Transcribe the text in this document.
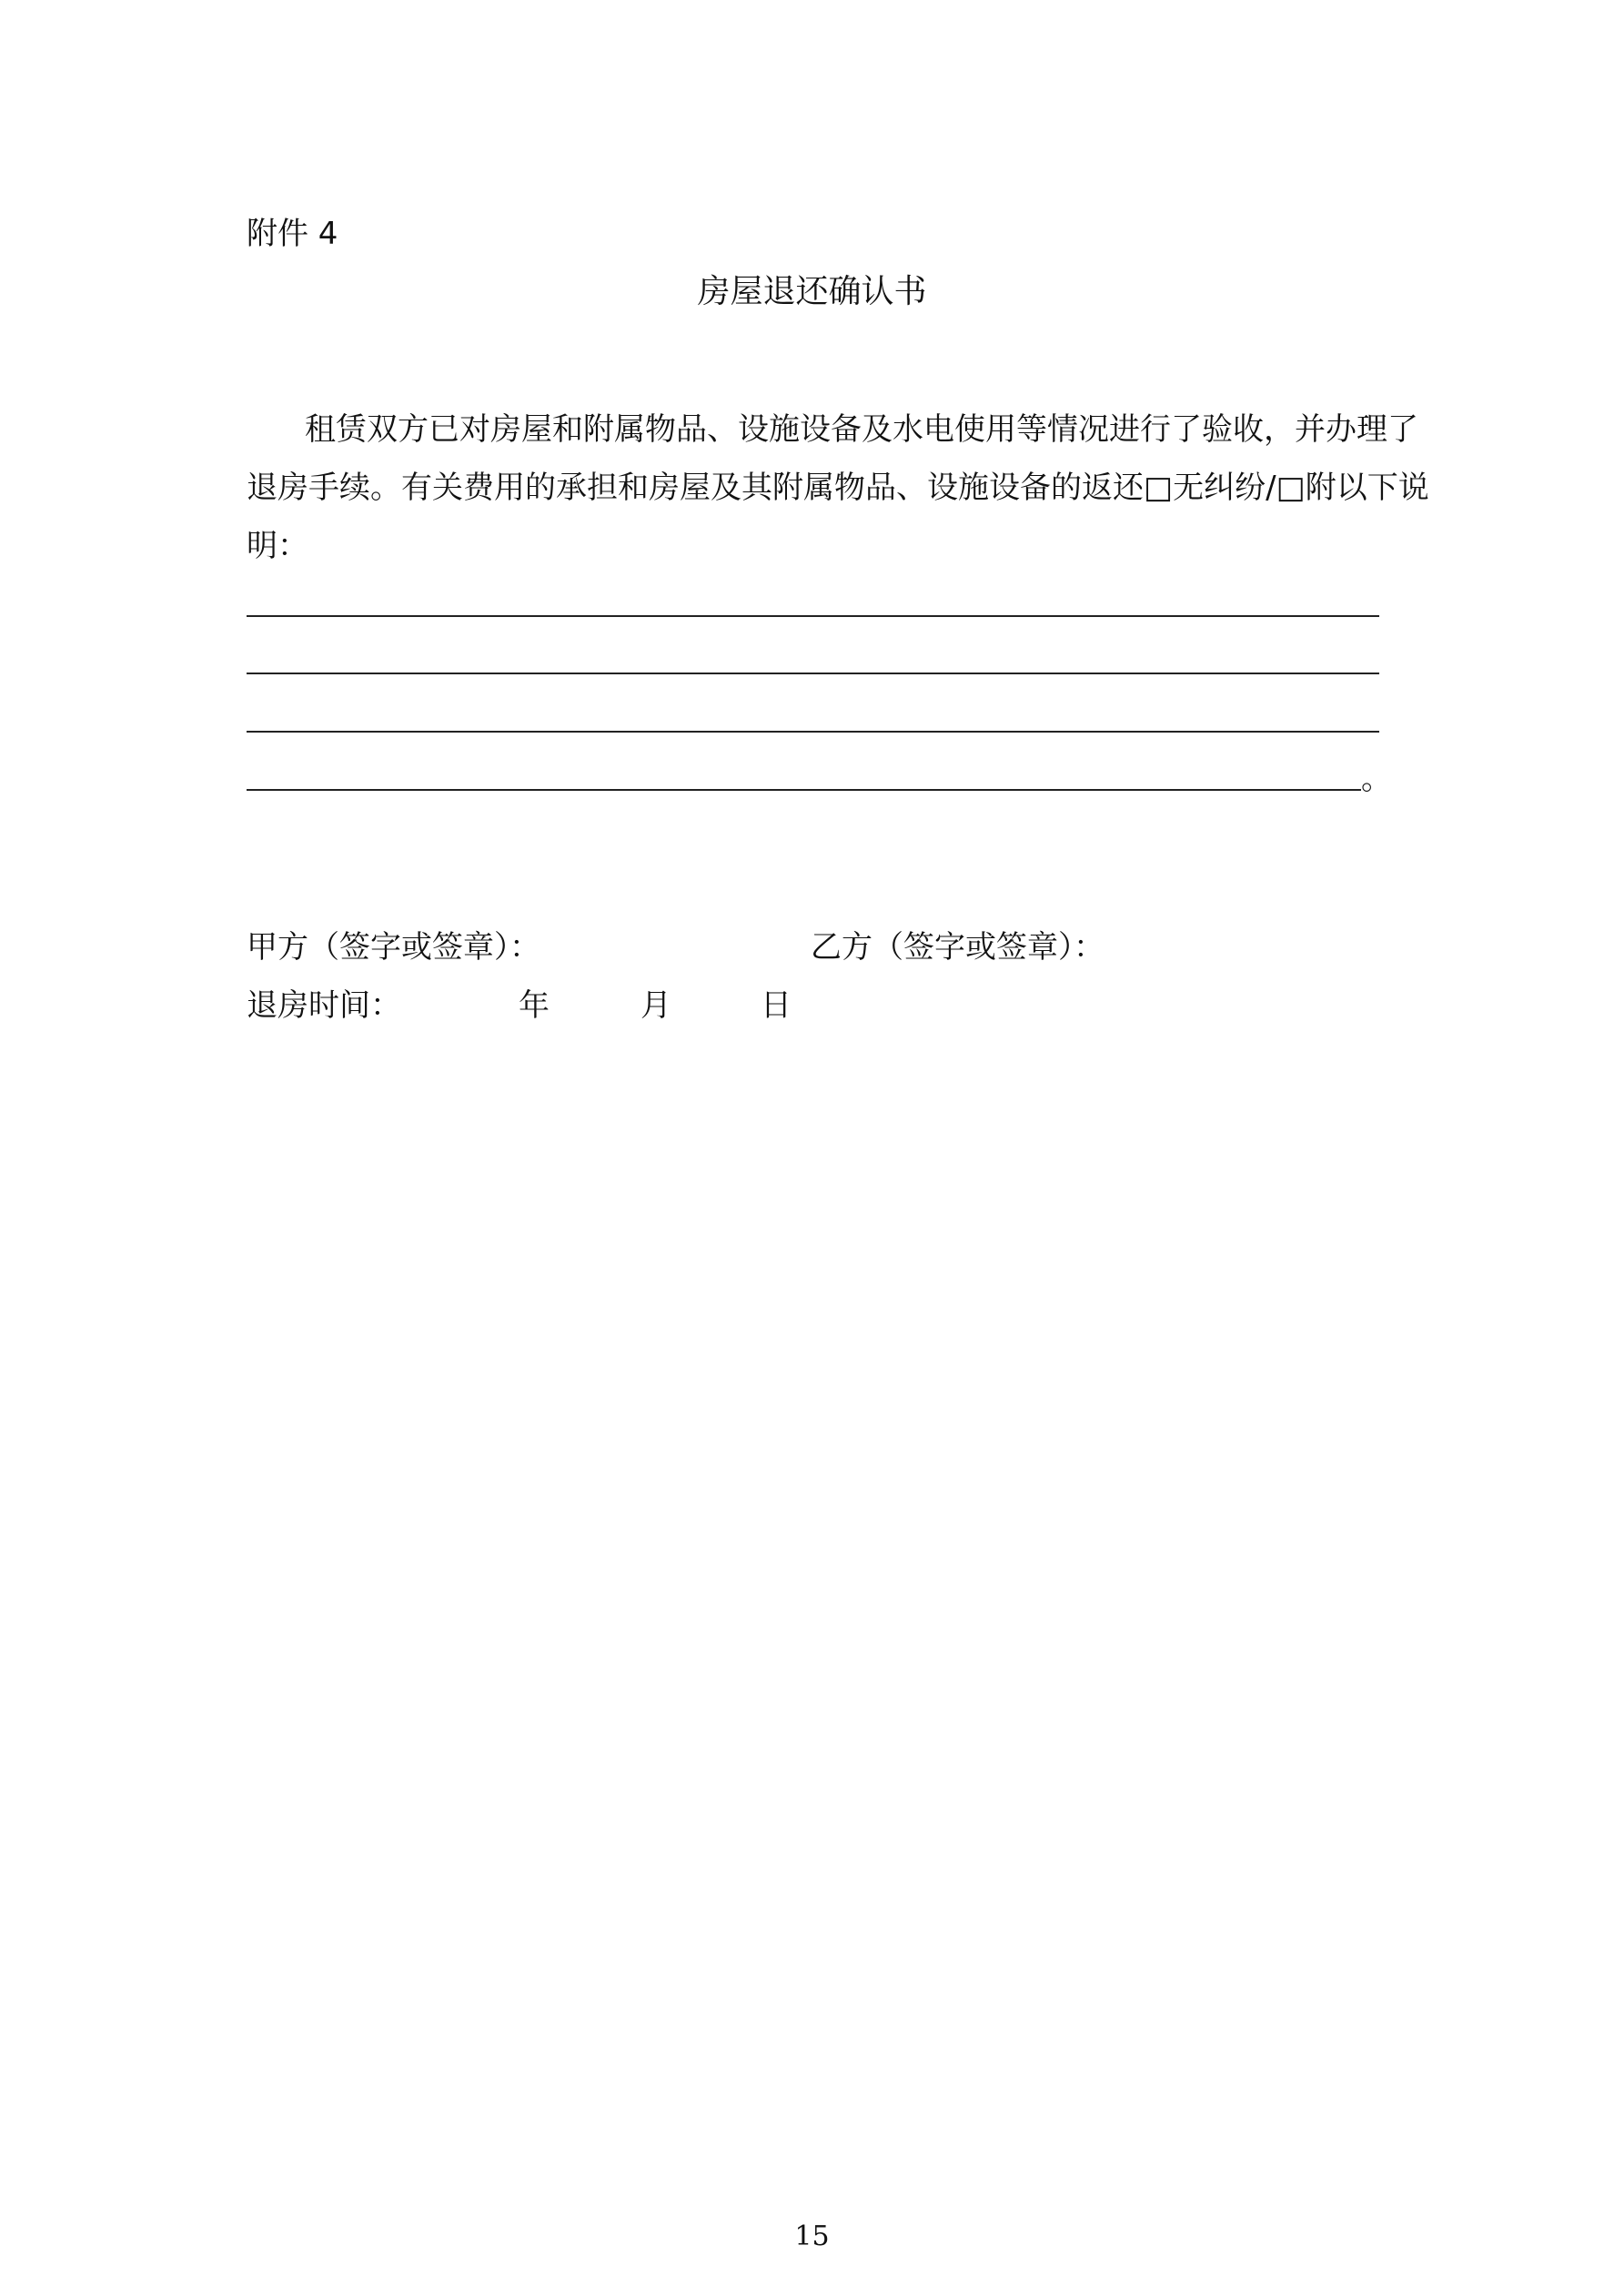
附件 4
房屋退还确认书
租赁双方已对房屋和附属物品、设施设备及水电使用等情况进行了验收，并办理了
退房手续。有关费用的承担和房屋及其附属物品、设施设备的返还□无纠纷/□附以下说
明：
。
甲方（签字或签章）：	乙方（签字或签章）：
退房时间：	年	月	日
15
